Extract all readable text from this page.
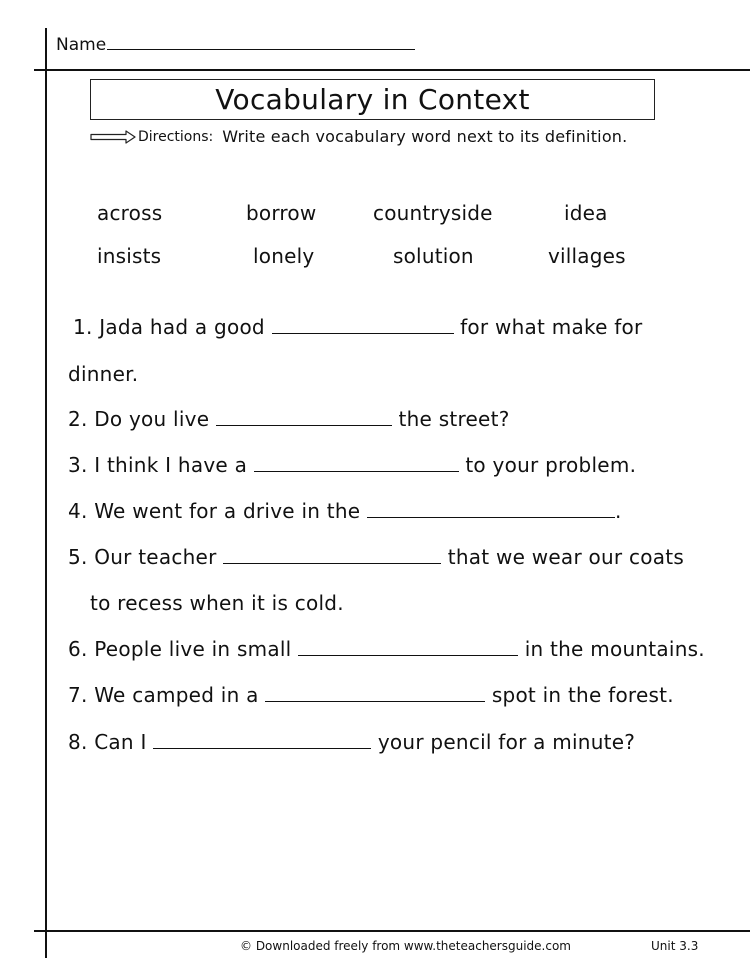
Name
Vocabulary in Context
Directions: Write each vocabulary word next to its definition.
across	borrow	countryside	idea
insists	lonely	solution	villages
1. Jada had a good	for what make for
dinner.
2. Do you live	the street?
3. I think I have a	to your problem.
4. We went for a drive in the	.
5. Our teacher	that we wear our coats
to recess when it is cold.
6. People live in small	in the mountains.
7. We camped in a	spot in the forest.
8. Can I	your pencil for a minute?
© Downloaded freely from www.theteachersguide.com	Unit 3.3
